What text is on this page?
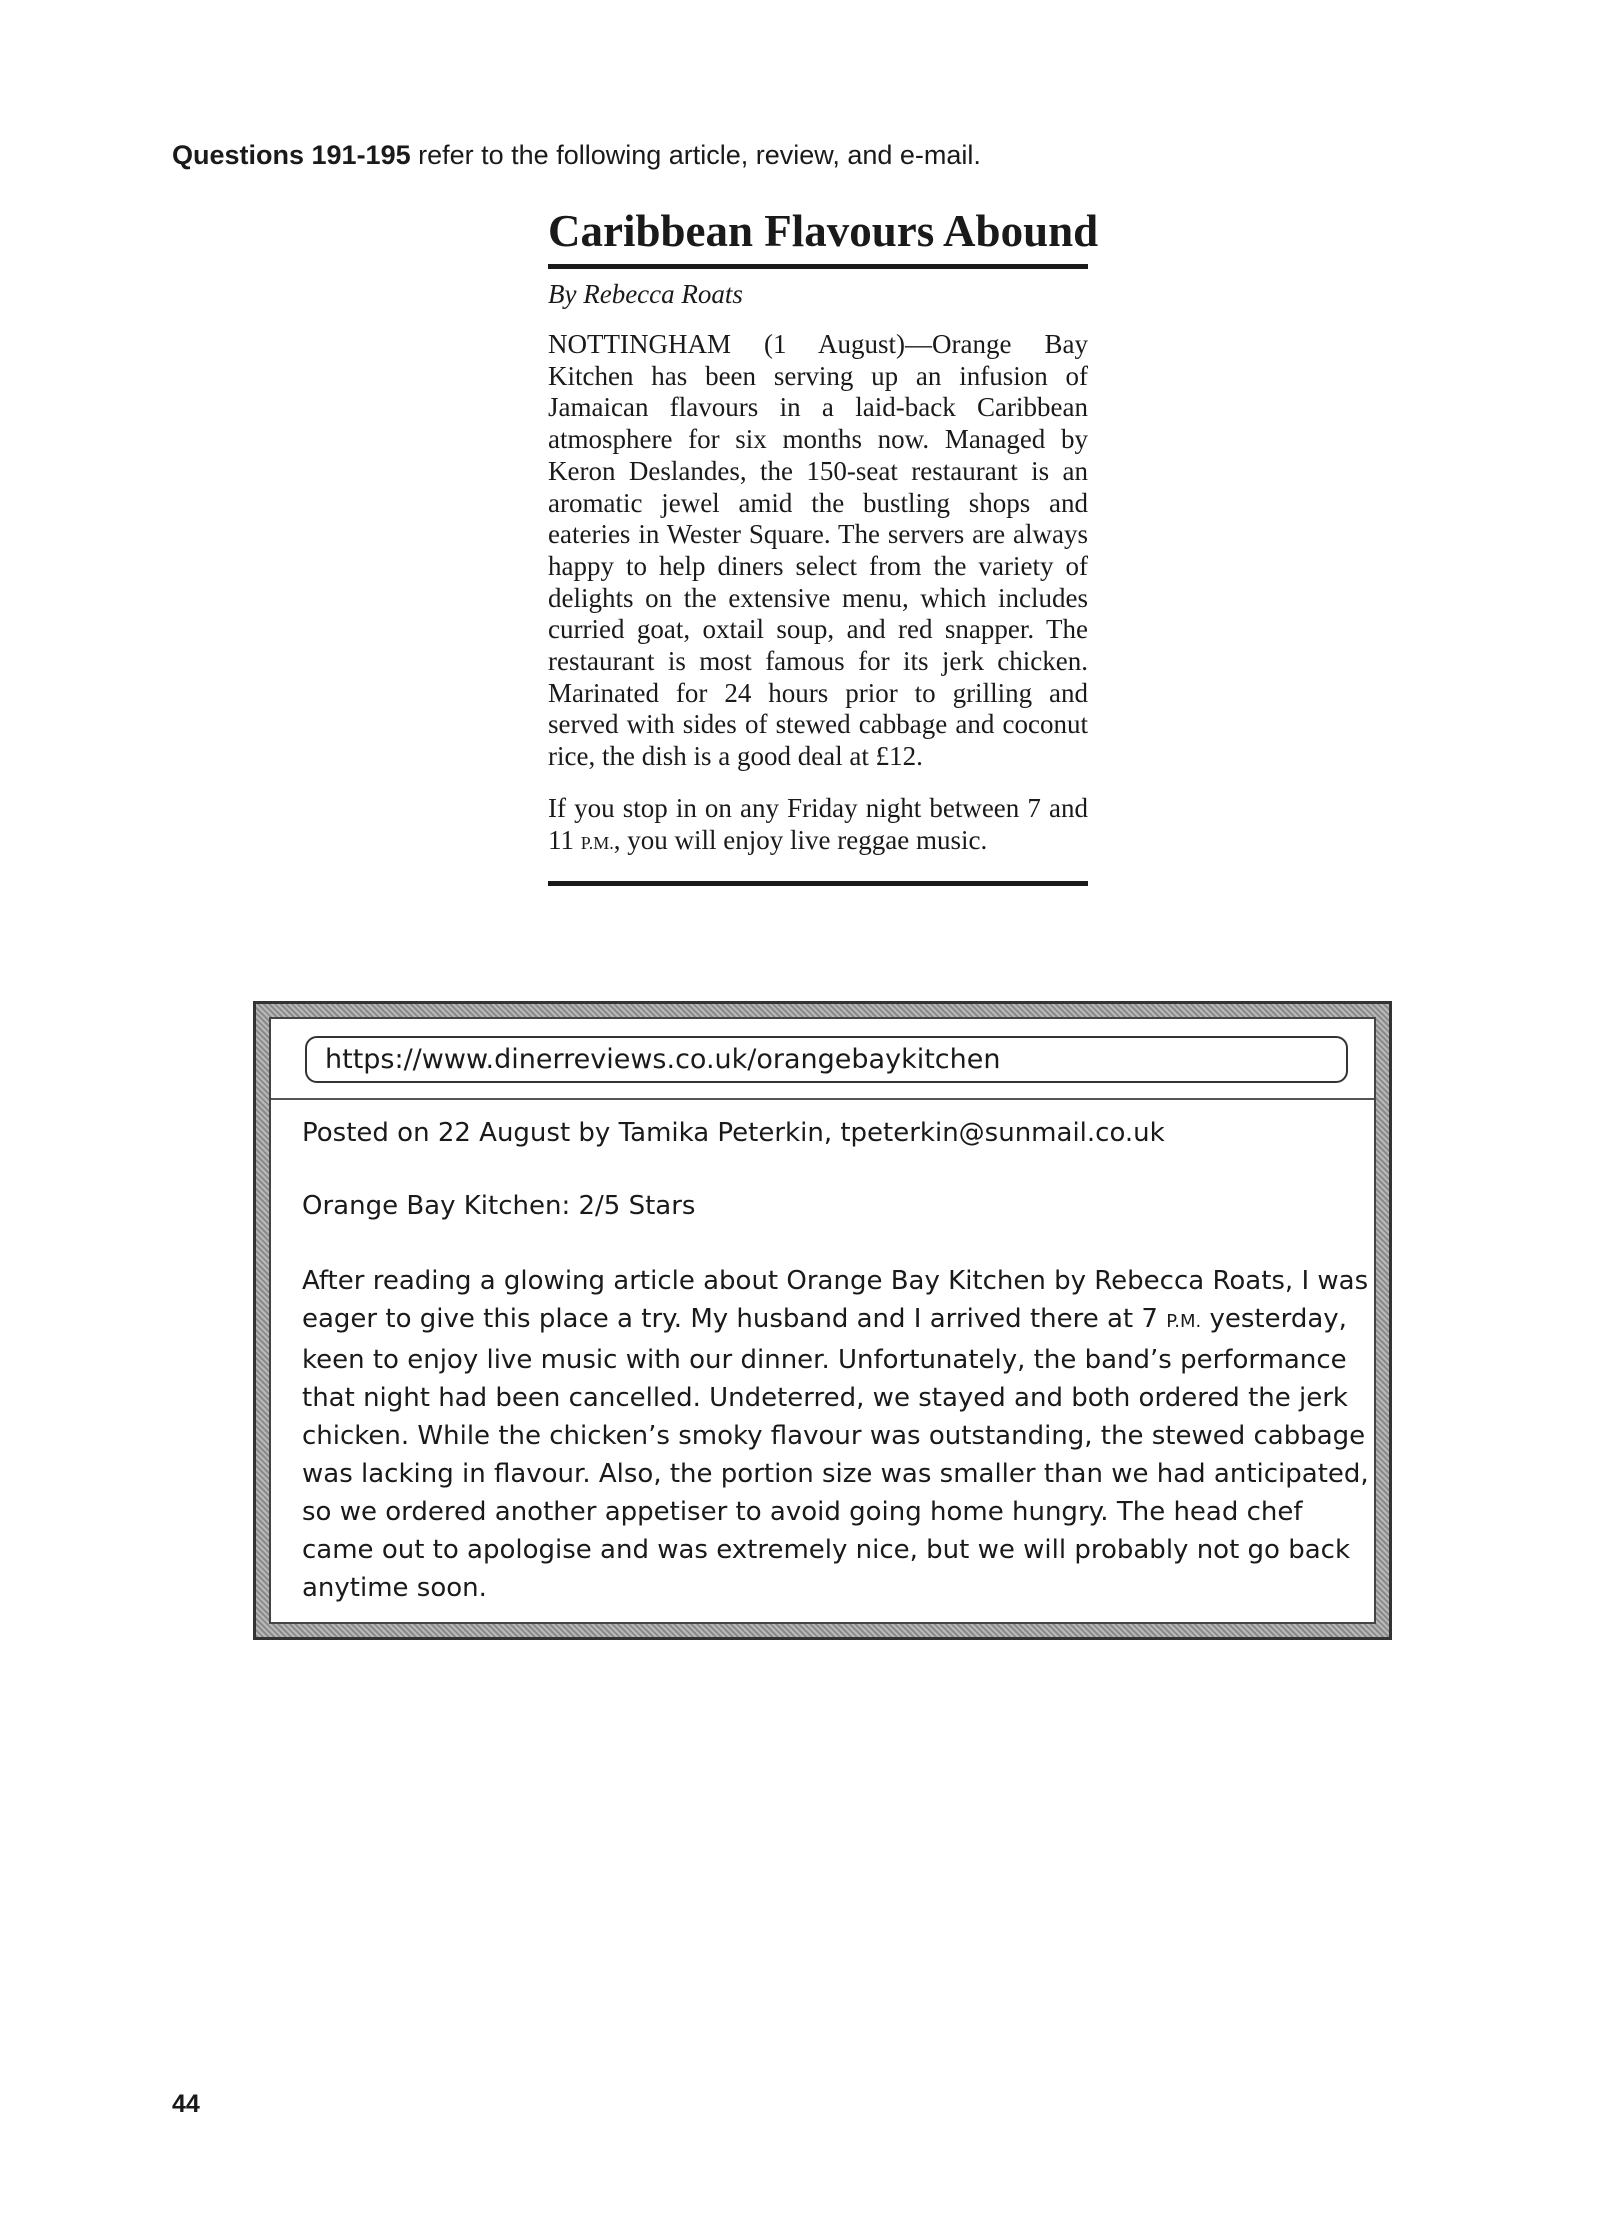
Questions 191-195 refer to the following article, review, and e-mail.
Caribbean Flavours Abound
By Rebecca Roats

NOTTINGHAM (1 August)—Orange Bay Kitchen has been serving up an infusion of Jamaican flavours in a laid-back Caribbean atmosphere for six months now. Managed by Keron Deslandes, the 150-seat restaurant is an aromatic jewel amid the bustling shops and eateries in Wester Square. The servers are always happy to help diners select from the variety of delights on the extensive menu, which includes curried goat, oxtail soup, and red snapper. The restaurant is most famous for its jerk chicken. Marinated for 24 hours prior to grilling and served with sides of stewed cabbage and coconut rice, the dish is a good deal at £12.

If you stop in on any Friday night between 7 and 11 P.M., you will enjoy live reggae music.

https://www.dinerreviews.co.uk/orangebaykitchen

Posted on 22 August by Tamika Peterkin, tpeterkin@sunmail.co.uk

Orange Bay Kitchen: 2/5 Stars

After reading a glowing article about Orange Bay Kitchen by Rebecca Roats, I was
eager to give this place a try. My husband and I arrived there at 7 P.M. yesterday,
keen to enjoy live music with our dinner. Unfortunately, the band’s performance
that night had been cancelled. Undeterred, we stayed and both ordered the jerk
chicken. While the chicken’s smoky flavour was outstanding, the stewed cabbage
was lacking in flavour. Also, the portion size was smaller than we had anticipated,
so we ordered another appetiser to avoid going home hungry. The head chef
came out to apologise and was extremely nice, but we will probably not go back
anytime soon.
44
